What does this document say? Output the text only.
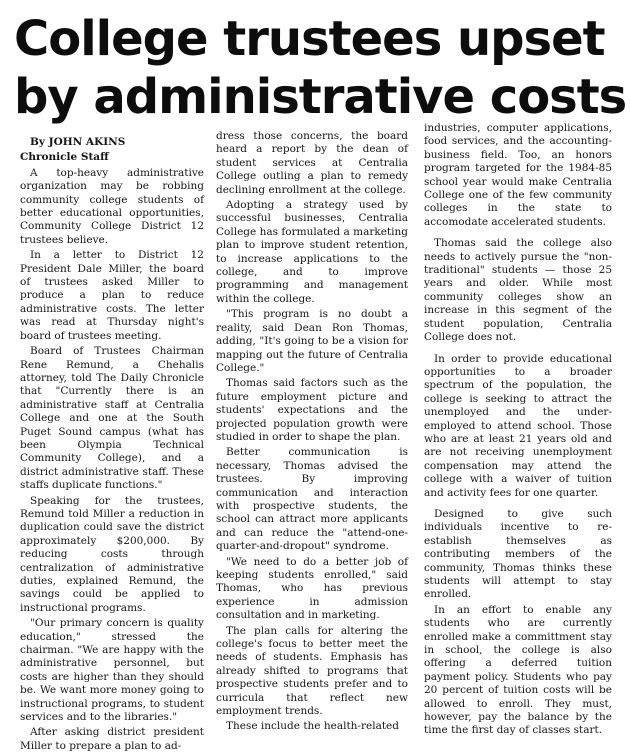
College trustees upset
by administrative costs

By JOHN AKINS

Chronicle Staff

A top-heavy administrative organization may be robbing community college students of better educational opportunities, Community College District 12 trustees believe.

In a letter to District 12 President Dale Miller, the board of trustees asked Miller to produce a plan to reduce administrative costs. The letter was read at Thursday night's board of trustees meeting.

Board of Trustees Chairman Rene Remund, a Chehalis attorney, told The Daily Chronicle that "Currently there is an administrative staff at Centralia College and one at the South Puget Sound campus (what has been Olympia Technical Community College), and a district administrative staff. These staffs duplicate functions."

Speaking for the trustees, Remund told Miller a reduction in duplication could save the district approximately $200,000. By reducing costs through centralization of administrative duties, explained Remund, the savings could be applied to instructional programs.

"Our primary concern is quality education," stressed the chairman. "We are happy with the administrative personnel, but costs are higher than they should be. We want more money going to instructional programs, to student services and to the libraries."

After asking district president Miller to prepare a plan to ad-

dress those concerns, the board heard a report by the dean of student services at Centralia College outling a plan to remedy declining enrollment at the college.

Adopting a strategy used by successful businesses, Centralia College has formulated a marketing plan to improve student retention, to increase applications to the college, and to improve programming and management within the college.

"This program is no doubt a reality, said Dean Ron Thomas, adding, "It's going to be a vision for mapping out the future of Centralia College."

Thomas said factors such as the future employment picture and students' expectations and the projected population growth were studied in order to shape the plan.

Better communication is necessary, Thomas advised the trustees. By improving communication and interaction with prospective students, the school can attract more applicants and can reduce the "attend-one-quarter-and-dropout" syndrome.

"We need to do a better job of keeping students enrolled," said Thomas, who has previous experience in admission consultation and in marketing.

The plan calls for altering the college's focus to better meet the needs of students. Emphasis has already shifted to programs that prospective students prefer and to curricula that reflect new employment trends.

These include the health-related

industries, computer applications, food services, and the accounting-business field. Too, an honors program targeted for the 1984-85 school year would make Centralia College one of the few community colleges in the state to accomodate accelerated students.

Thomas said the college also needs to actively pursue the "non-traditional" students — those 25 years and older. While most community colleges show an increase in this segment of the student population, Centralia College does not.

In order to provide educational opportunities to a broader spectrum of the population, the college is seeking to attract the unemployed and the under-employed to attend school. Those who are at least 21 years old and are not receiving unemployment compensation may attend the college with a waiver of tuition and activity fees for one quarter.

Designed to give such individuals incentive to re-establish themselves as contributing members of the community, Thomas thinks these students will attempt to stay enrolled.

In an effort to enable any students who are currently enrolled make a committment stay in school, the college is also offering a deferred tuition payment policy. Students who pay 20 percent of tuition costs will be allowed to enroll. They must, however, pay the balance by the time the first day of classes start.
